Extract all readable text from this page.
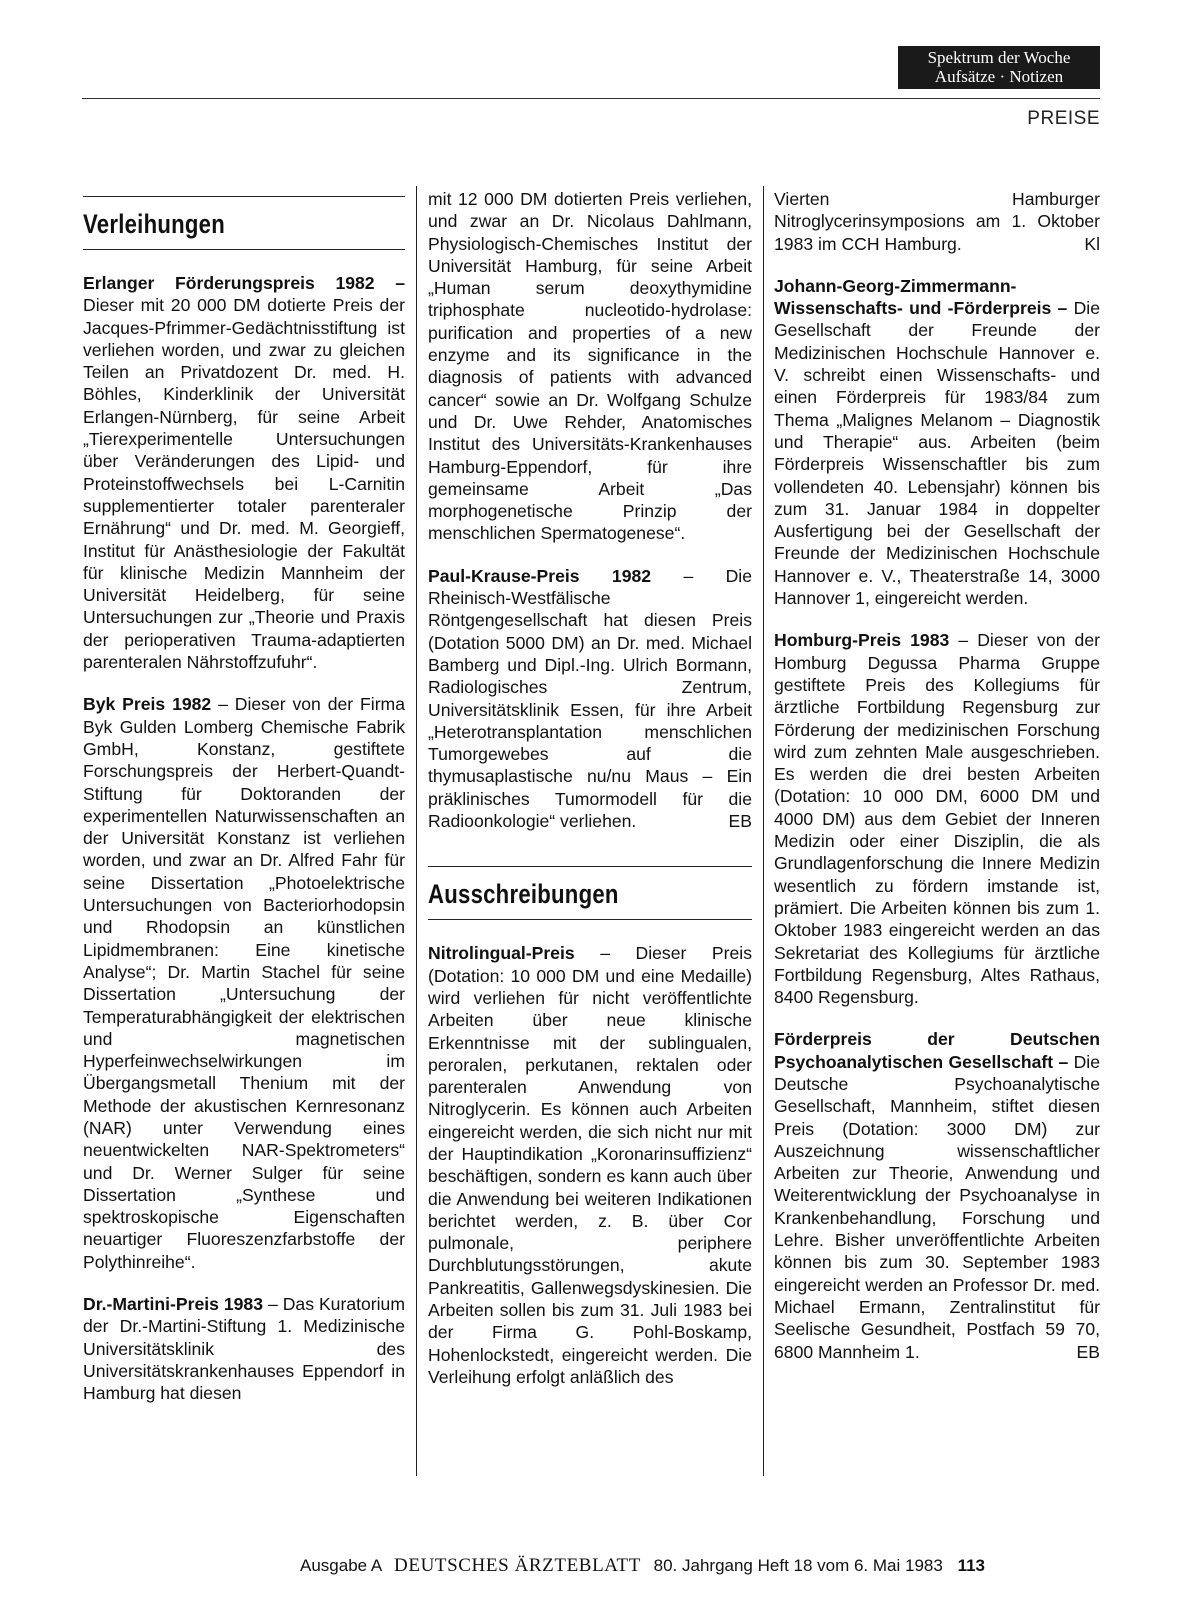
Spektrum der Woche
Aufsätze · Notizen
PREISE
Verleihungen

Erlanger Förderungspreis 1982 – Dieser mit 20 000 DM dotierte Preis der Jacques-Pfrimmer-Gedächtnisstiftung ist verliehen worden, und zwar zu gleichen Teilen an Privatdozent Dr. med. H. Böhles, Kinderklinik der Universität Erlangen-Nürnberg, für seine Arbeit „Tierexperimentelle Untersuchungen über Veränderungen des Lipid- und Proteinstoffwechsels bei L-Carnitin supplementierter totaler parenteraler Ernährung“ und Dr. med. M. Georgieff, Institut für Anästhesiologie der Fakultät für klinische Medizin Mannheim der Universität Heidelberg, für seine Untersuchungen zur „Theorie und Praxis der perioperativen Trauma-adaptierten parenteralen Nährstoffzufuhr“.

Byk Preis 1982 – Dieser von der Firma Byk Gulden Lomberg Chemische Fabrik GmbH, Konstanz, gestiftete Forschungspreis der Herbert-Quandt-Stiftung für Doktoranden der experimentellen Naturwissenschaften an der Universität Konstanz ist verliehen worden, und zwar an Dr. Alfred Fahr für seine Dissertation „Photoelektrische Untersuchungen von Bacteriorhodopsin und Rhodopsin an künstlichen Lipidmembranen: Eine kinetische Analyse“; Dr. Martin Stachel für seine Dissertation „Untersuchung der Temperaturabhängigkeit der elektrischen und magnetischen Hyperfeinwechselwirkungen im Übergangsmetall Thenium mit der Methode der akustischen Kernresonanz (NAR) unter Verwendung eines neuentwickelten NAR-Spektrometers“ und Dr. Werner Sulger für seine Dissertation „Synthese und spektroskopische Eigenschaften neuartiger Fluoreszenzfarbstoffe der Polythinreihe“.

Dr.-Martini-Preis 1983 – Das Kuratorium der Dr.-Martini-Stiftung 1. Medizinische Universitätsklinik des Universitätskrankenhauses Eppendorf in Hamburg hat diesen

mit 12 000 DM dotierten Preis verliehen, und zwar an Dr. Nicolaus Dahlmann, Physiologisch-Chemisches Institut der Universität Hamburg, für seine Arbeit „Human serum deoxythymidine triphosphate nucleotido-hydrolase: purification and properties of a new enzyme and its significance in the diagnosis of patients with advanced cancer“ sowie an Dr. Wolfgang Schulze und Dr. Uwe Rehder, Anatomisches Institut des Universitäts-Krankenhauses Hamburg-Eppendorf, für ihre gemeinsame Arbeit „Das morphogenetische Prinzip der menschlichen Spermatogenese“.

Paul-Krause-Preis 1982 – Die Rheinisch-Westfälische Röntgengesellschaft hat diesen Preis (Dotation 5000 DM) an Dr. med. Michael Bamberg und Dipl.-Ing. Ulrich Bormann, Radiologisches Zentrum, Universitätsklinik Essen, für ihre Arbeit „Heterotransplantation menschlichen Tumorgewebes auf die thymusaplastische nu/nu Maus – Ein präklinisches Tumormodell für die Radioonkologie“ verliehen.	EB

Ausschreibungen

Nitrolingual-Preis – Dieser Preis (Dotation: 10 000 DM und eine Medaille) wird verliehen für nicht veröffentlichte Arbeiten über neue klinische Erkenntnisse mit der sublingualen, peroralen, perkutanen, rektalen oder parenteralen Anwendung von Nitroglycerin. Es können auch Arbeiten eingereicht werden, die sich nicht nur mit der Hauptindikation „Koronarinsuffizienz“ beschäftigen, sondern es kann auch über die Anwendung bei weiteren Indikationen berichtet werden, z. B. über Cor pulmonale, periphere Durchblutungsstörungen, akute Pankreatitis, Gallenwegsdyskinesien. Die Arbeiten sollen bis zum 31. Juli 1983 bei der Firma G. Pohl-Boskamp, Hohenlockstedt, eingereicht werden. Die Verleihung erfolgt anläßlich des

Vierten Hamburger Nitroglycerinsymposions am 1. Oktober 1983 im CCH Hamburg.	Kl

Johann-Georg-Zimmermann-Wissenschafts- und -Förderpreis – Die Gesellschaft der Freunde der Medizinischen Hochschule Hannover e. V. schreibt einen Wissenschafts- und einen Förderpreis für 1983/84 zum Thema „Malignes Melanom – Diagnostik und Therapie“ aus. Arbeiten (beim Förderpreis Wissenschaftler bis zum vollendeten 40. Lebensjahr) können bis zum 31. Januar 1984 in doppelter Ausfertigung bei der Gesellschaft der Freunde der Medizinischen Hochschule Hannover e. V., Theaterstraße 14, 3000 Hannover 1, eingereicht werden.

Homburg-Preis 1983 – Dieser von der Homburg Degussa Pharma Gruppe gestiftete Preis des Kollegiums für ärztliche Fortbildung Regensburg zur Förderung der medizinischen Forschung wird zum zehnten Male ausgeschrieben. Es werden die drei besten Arbeiten (Dotation: 10 000 DM, 6000 DM und 4000 DM) aus dem Gebiet der Inneren Medizin oder einer Disziplin, die als Grundlagenforschung die Innere Medizin wesentlich zu fördern imstande ist, prämiert. Die Arbeiten können bis zum 1. Oktober 1983 eingereicht werden an das Sekretariat des Kollegiums für ärztliche Fortbildung Regensburg, Altes Rathaus, 8400 Regensburg.

Förderpreis der Deutschen Psychoanalytischen Gesellschaft – Die Deutsche Psychoanalytische Gesellschaft, Mannheim, stiftet diesen Preis (Dotation: 3000 DM) zur Auszeichnung wissenschaftlicher Arbeiten zur Theorie, Anwendung und Weiterentwicklung der Psychoanalyse in Krankenbehandlung, Forschung und Lehre. Bisher unveröffentlichte Arbeiten können bis zum 30. September 1983 eingereicht werden an Professor Dr. med. Michael Ermann, Zentralinstitut für Seelische Gesundheit, Postfach 59 70, 6800 Mannheim 1.	EB

Ausgabe A DEUTSCHES ÄRZTEBLATT 80. Jahrgang Heft 18 vom 6. Mai 1983 113
